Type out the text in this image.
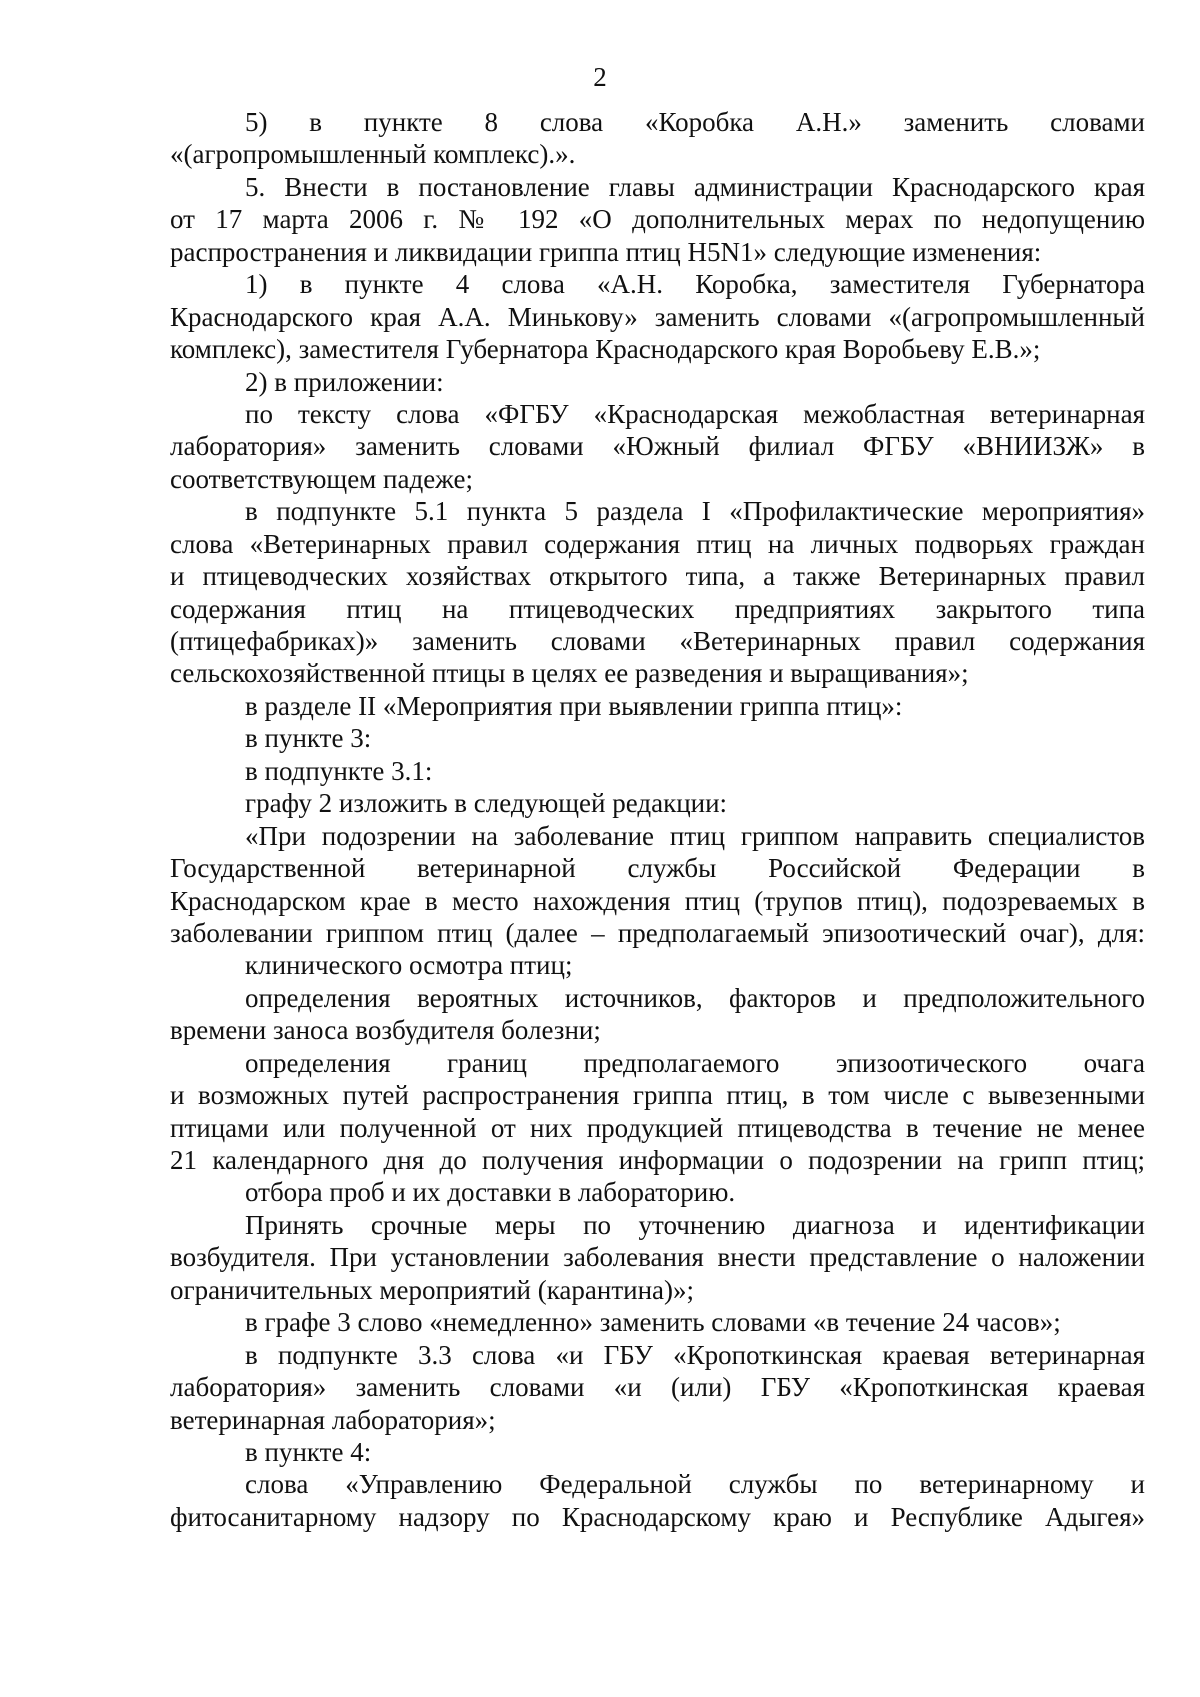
2

5)   в   пункте   8   слова   «Коробка   А.Н.»   заменить   словами

«(агропромышленный комплекс).».

5. Внести в постановление главы администрации Краснодарского края

от 17 марта 2006 г. № 192 «О дополнительных мерах по недопущению

распространения и ликвидации гриппа птиц H5N1» следующие изменения:

1)  в  пункте  4  слова  «А.Н.  Коробка,  заместителя  Губернатора

Краснодарского края А.А. Минькову» заменить словами «(агропромышленный

комплекс), заместителя Губернатора Краснодарского края Воробьеву Е.В.»;

2) в приложении:

по тексту слова «ФГБУ «Краснодарская межобластная ветеринарная

лаборатория» заменить словами «Южный филиал ФГБУ «ВНИИЗЖ» в

соответствующем падеже;

в подпункте 5.1 пункта 5 раздела I «Профилактические мероприятия»

слова «Ветеринарных правил содержания птиц на личных подворьях граждан

и птицеводческих хозяйствах открытого типа, а также Ветеринарных правил

содержания   птиц   на   птицеводческих   предприятиях   закрытого   типа

(птицефабриках)» заменить словами «Ветеринарных правил содержания

сельскохозяйственной птицы в целях ее разведения и выращивания»;

в разделе II «Мероприятия при выявлении гриппа птиц»:

в пункте 3:

в подпункте 3.1:

графу 2 изложить в следующей редакции:

«При подозрении на заболевание птиц гриппом направить специалистов

Государственной   ветеринарной   службы   Российской   Федерации   в

Краснодарском крае в место нахождения птиц (трупов птиц), подозреваемых в

заболевании гриппом птиц (далее – предполагаемый эпизоотический очаг), для:

клинического осмотра птиц;

определения вероятных источников, факторов и предположительного

времени заноса возбудителя болезни;

определения   границ   предполагаемого   эпизоотического   очага

и возможных путей распространения гриппа птиц, в том числе с вывезенными

птицами или полученной от них продукцией птицеводства в течение не менее

21 календарного дня до получения информации о подозрении на грипп птиц;

отбора проб и их доставки в лабораторию.

Принять срочные меры по уточнению диагноза и идентификации

возбудителя. При установлении заболевания внести представление о наложении

ограничительных мероприятий (карантина)»;

в графе 3 слово «немедленно» заменить словами «в течение 24 часов»;

в подпункте 3.3 слова «и ГБУ «Кропоткинская краевая ветеринарная

лаборатория» заменить словами «и (или) ГБУ «Кропоткинская краевая

ветеринарная лаборатория»;

в пункте 4:

слова   «Управлению   Федеральной   службы   по   ветеринарному   и

фитосанитарному надзору по Краснодарскому краю и Республике Адыгея»
